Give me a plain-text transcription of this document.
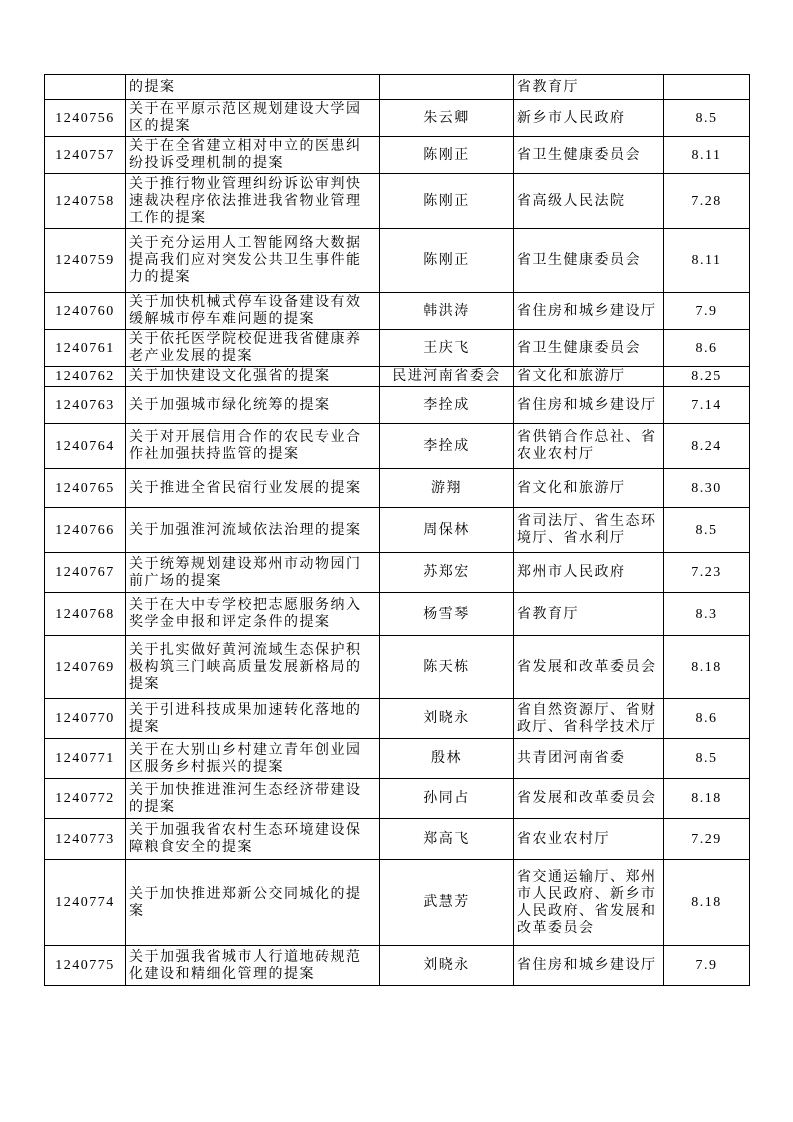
	的提案		省教育厅	
1240756	关于在平原示范区规划建设大学园区的提案	朱云卿	新乡市人民政府	8.5
1240757	关于在全省建立相对中立的医患纠纷投诉受理机制的提案	陈刚正	省卫生健康委员会	8.11
1240758	关于推行物业管理纠纷诉讼审判快速裁决程序依法推进我省物业管理工作的提案	陈刚正	省高级人民法院	7.28
1240759	关于充分运用人工智能网络大数据提高我们应对突发公共卫生事件能力的提案	陈刚正	省卫生健康委员会	8.11
1240760	关于加快机械式停车设备建设有效缓解城市停车难问题的提案	韩洪涛	省住房和城乡建设厅	7.9
1240761	关于依托医学院校促进我省健康养老产业发展的提案	王庆飞	省卫生健康委员会	8.6
1240762	关于加快建设文化强省的提案	民进河南省委会	省文化和旅游厅	8.25
1240763	关于加强城市绿化统筹的提案	李拴成	省住房和城乡建设厅	7.14
1240764	关于对开展信用合作的农民专业合作社加强扶持监管的提案	李拴成	省供销合作总社、省农业农村厅	8.24
1240765	关于推进全省民宿行业发展的提案	游翔	省文化和旅游厅	8.30
1240766	关于加强淮河流域依法治理的提案	周保林	省司法厅、省生态环境厅、省水利厅	8.5
1240767	关于统筹规划建设郑州市动物园门前广场的提案	苏郑宏	郑州市人民政府	7.23
1240768	关于在大中专学校把志愿服务纳入奖学金申报和评定条件的提案	杨雪琴	省教育厅	8.3
1240769	关于扎实做好黄河流域生态保护积极构筑三门峡高质量发展新格局的提案	陈天栋	省发展和改革委员会	8.18
1240770	关于引进科技成果加速转化落地的提案	刘晓永	省自然资源厅、省财政厅、省科学技术厅	8.6
1240771	关于在大别山乡村建立青年创业园区服务乡村振兴的提案	殷林	共青团河南省委	8.5
1240772	关于加快推进淮河生态经济带建设的提案	孙同占	省发展和改革委员会	8.18
1240773	关于加强我省农村生态环境建设保障粮食安全的提案	郑高飞	省农业农村厅	7.29
1240774	关于加快推进郑新公交同城化的提案	武慧芳	省交通运输厅、郑州市人民政府、新乡市人民政府、省发展和改革委员会	8.18
1240775	关于加强我省城市人行道地砖规范化建设和精细化管理的提案	刘晓永	省住房和城乡建设厅	7.9
